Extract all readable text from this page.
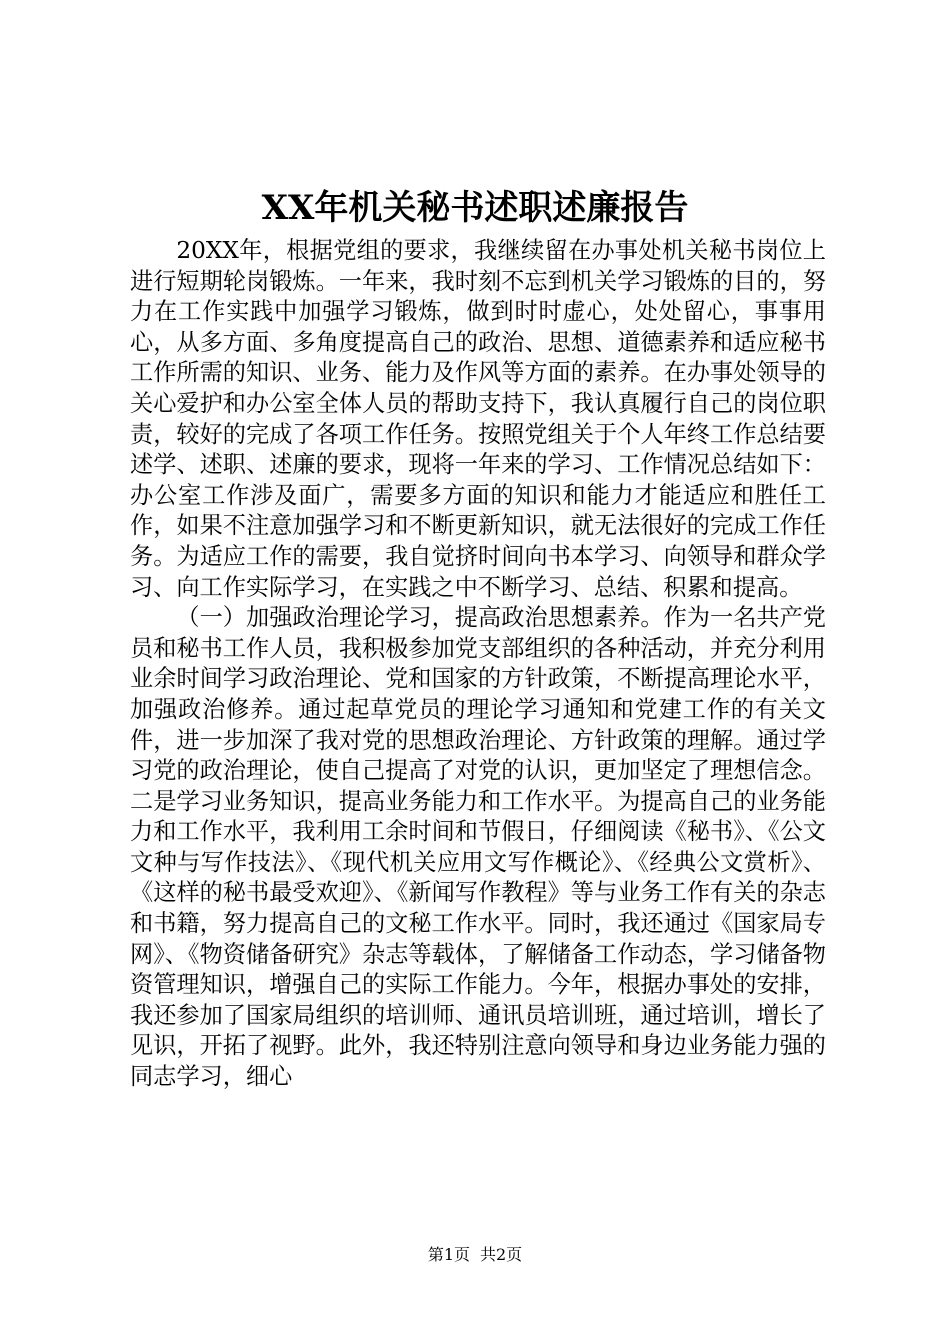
XX年机关秘书述职述廉报告

20XX年，根据党组的要求，我继续留在办事处机关秘书岗位上进行短期轮岗锻炼。一年来，我时刻不忘到机关学习锻炼的目的，努力在工作实践中加强学习锻炼，做到时时虚心，处处留心，事事用心，从多方面、多角度提高自己的政治、思想、道德素养和适应秘书工作所需的知识、业务、能力及作风等方面的素养。在办事处领导的关心爱护和办公室全体人员的帮助支持下，我认真履行自己的岗位职责，较好的完成了各项工作任务。按照党组关于个人年终工作总结要述学、述职、述廉的要求，现将一年来的学习、工作情况总结如下：办公室工作涉及面广，需要多方面的知识和能力才能适应和胜任工作，如果不注意加强学习和不断更新知识，就无法很好的完成工作任务。为适应工作的需要，我自觉挤时间向书本学习、向领导和群众学习、向工作实际学习，在实践之中不断学习、总结、积累和提高。

（一）加强政治理论学习，提高政治思想素养。作为一名共产党员和秘书工作人员，我积极参加党支部组织的各种活动，并充分利用业余时间学习政治理论、党和国家的方针政策，不断提高理论水平，加强政治修养。通过起草党员的理论学习通知和党建工作的有关文件，进一步加深了我对党的思想政治理论、方针政策的理解。通过学习党的政治理论，使自己提高了对党的认识，更加坚定了理想信念。二是学习业务知识，提高业务能力和工作水平。为提高自己的业务能力和工作水平，我利用工余时间和节假日，仔细阅读《秘书》、《公文文种与写作技法》、《现代机关应用文写作概论》、《经典公文赏析》、《这样的秘书最受欢迎》、《新闻写作教程》等与业务工作有关的杂志和书籍，努力提高自己的文秘工作水平。同时，我还通过《国家局专网》、《物资储备研究》杂志等载体，了解储备工作动态，学习储备物资管理知识，增强自己的实际工作能力。今年，根据办事处的安排，我还参加了国家局组织的培训师、通讯员培训班，通过培训，增长了见识，开拓了视野。此外，我还特别注意向领导和身边业务能力强的同志学习，细心

第1页 共2页
